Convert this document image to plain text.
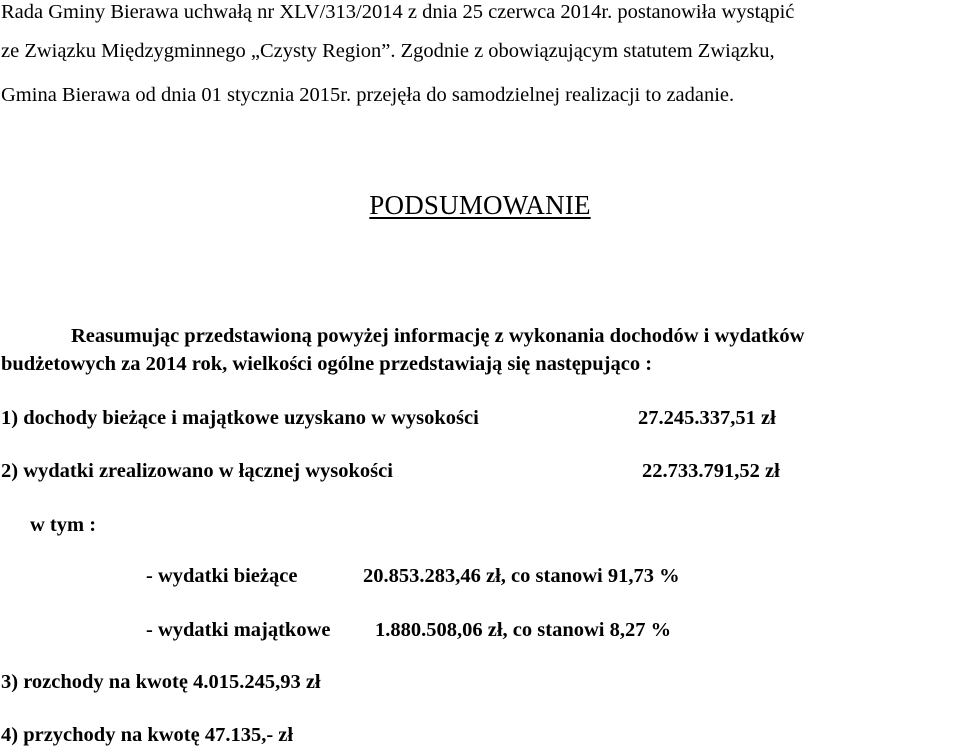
Rada Gminy Bierawa uchwałą nr XLV/313/2014 z dnia 25 czerwca 2014r. postanowiła wystąpić
ze Związku Międzygminnego „Czysty Region”. Zgodnie z obowiązującym statutem Związku,
Gmina Bierawa od dnia 01 stycznia 2015r. przejęła do samodzielnej realizacji to zadanie.
PODSUMOWANIE
Reasumując przedstawioną powyżej informację z wykonania dochodów i wydatków
budżetowych za 2014 rok, wielkości ogólne przedstawiają się następująco :
1) dochody bieżące i majątkowe uzyskano w wysokości	27.245.337,51 zł
2) wydatki zrealizowano w łącznej wysokości	22.733.791,52 zł
w tym :
- wydatki bieżące	20.853.283,46 zł, co stanowi 91,73 %
- wydatki majątkowe 1.880.508,06 zł, co stanowi 8,27 %
3) rozchody na kwotę 4.015.245,93 zł
4) przychody na kwotę 47.135,- zł
